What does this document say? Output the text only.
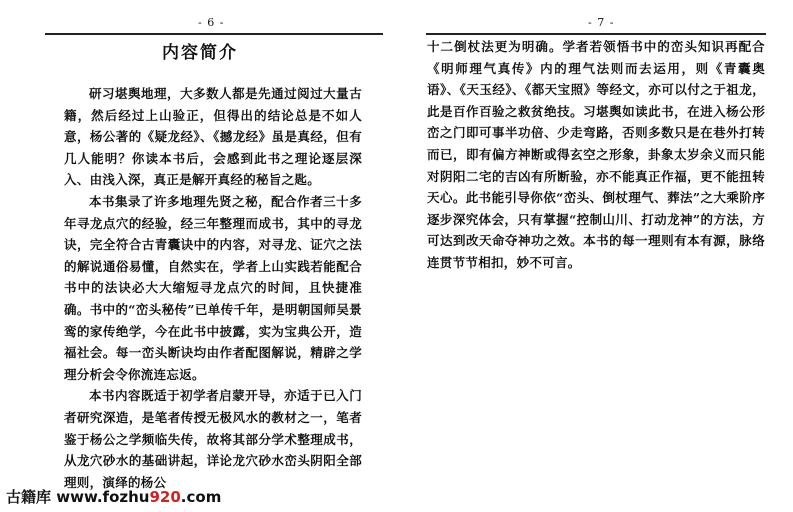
- 6 -
内容简介

研习堪舆地理，大多数人都是先通过阅过大量古籍，然后经过上山验正，但得出的结论总是不如人意，杨公著的《疑龙经》、《撼龙经》虽是真经，但有几人能明？你读本书后，会感到此书之理论逐层深入、由浅入深，真正是解开真经的秘旨之匙。

本书集录了许多地理先贤之秘，配合作者三十多年寻龙点穴的经验，经三年整理而成书，其中的寻龙诀，完全符合古青囊诀中的内容，对寻龙、证穴之法的解说通俗易懂，自然实在，学者上山实践若能配合书中的法诀必大大缩短寻龙点穴的时间，且快捷准确。书中的“峦头秘传”已单传千年，是明朝国师吴景鸾的家传绝学，今在此书中披露，实为宝典公开，造福社会。每一峦头断诀均由作者配图解说，精辟之学理分析会令你流连忘返。

本书内容既适于初学者启蒙开导，亦适于已入门者研究深造，是笔者传授无极风水的教材之一，笔者鉴于杨公之学频临失传，故将其部分学术整理成书，从龙穴砂水的基础讲起，详论龙穴砂水峦头阴阳全部理则，演绎的杨公

- 7 -

十二倒杖法更为明确。学者若领悟书中的峦头知识再配合《明师理气真传》内的理气法则而去运用，则《青囊奥语》、《天玉经》、《都天宝照》等经文，亦可以付之于祖龙，此是百作百验之救贫绝技。习堪舆如读此书，在进入杨公形峦之门即可事半功倍、少走弯路，否则多数只是在巷外打转而已，即有偏方神断或得玄空之形象，卦象太岁余义而只能对阴阳二宅的吉凶有所断验，亦不能真正作福，更不能扭转天心。此书能引导你依“峦头、倒杖理气、葬法”之大乘阶序逐步深究体会，只有掌握“控制山川、打动龙神”的方法，方可达到改天命夺神功之效。本书的每一理则有本有源，脉络连贯节节相扣，妙不可言。

古籍库 www.fozhu920.com
